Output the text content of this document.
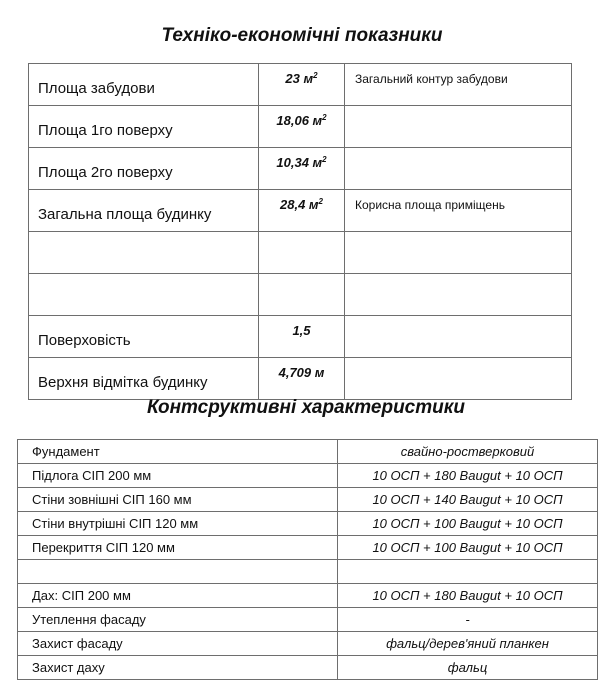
Техніко-економічні показники
Площа забудови	23 $м^2$	Загальний контур забудови
Площа 1го поверху	18,06 $м^2$	
Площа 2го поверху	10,34 $м^2$	
Загальна площа будинку	28,4 $м^2$	Корисна площа приміщень

Поверховість	1,5	
Верхня відмітка будинку	4,709 м	
Контсруктивні характеристики
Фундамент	свайно-ростверковий
Підлога СІП 200 мм	10 ОСП + 180 Baugut + 10 ОСП
Стіни зовнішні СІП 160 мм	10 ОСП + 140 Baugut + 10 ОСП
Стіни внутрішні СІП 120 мм	10 ОСП + 100 Baugut + 10 ОСП
Перекриття СІП 120 мм	10 ОСП + 100 Baugut + 10 ОСП

Дах: СІП 200 мм	10 ОСП + 180 Baugut + 10 ОСП
Утеплення фасаду	-
Захист фасаду	фальц/дерев'яний планкен
Захист даху	фальц
